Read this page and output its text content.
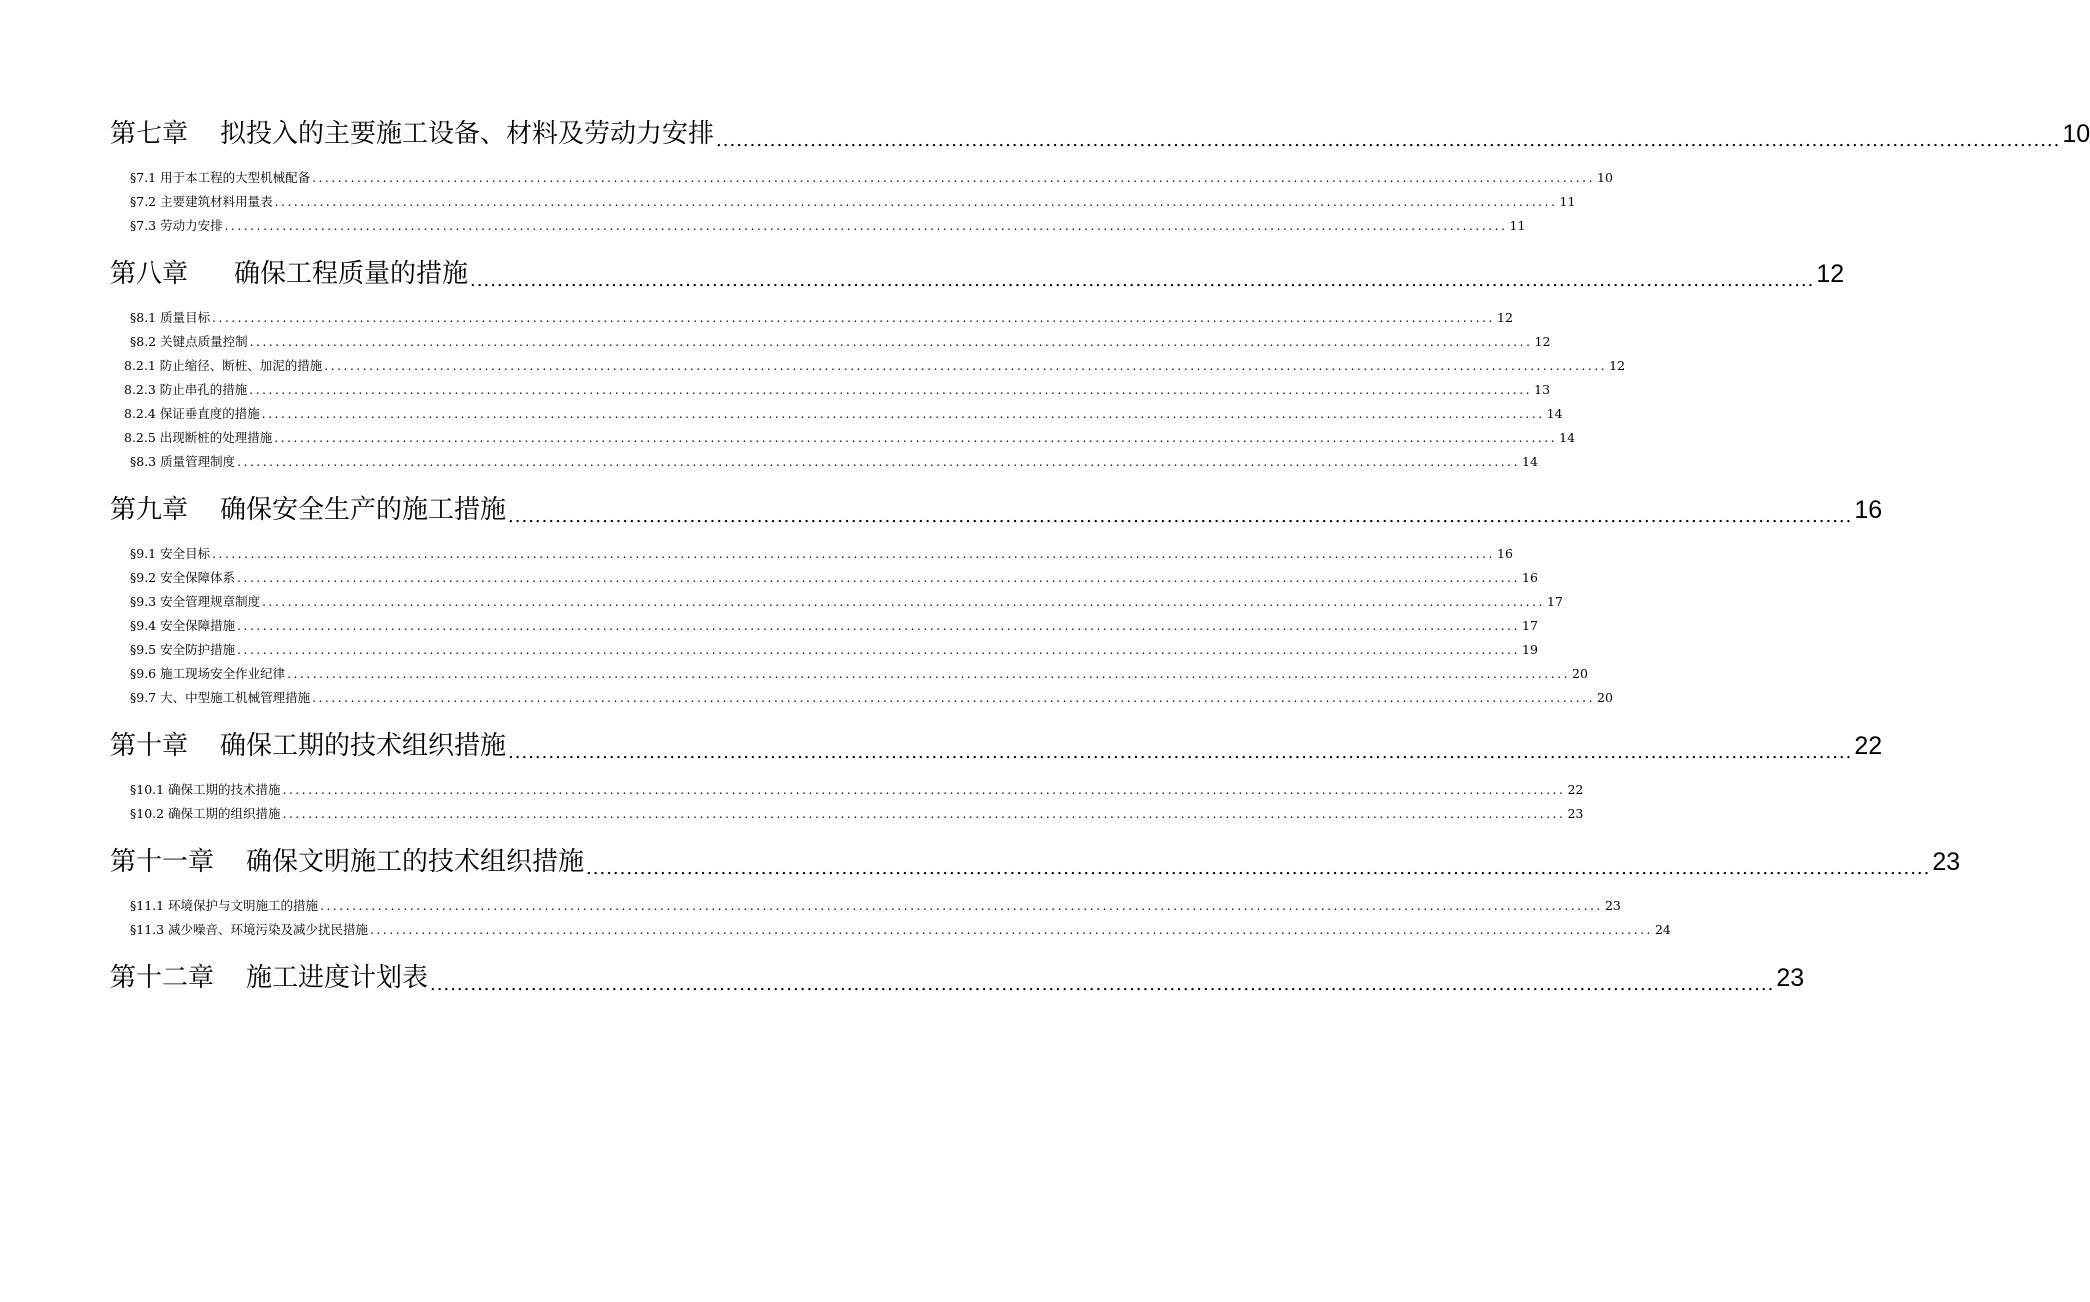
第七章 拟投入的主要施工设备、材料及劳动力安排 ........................................................................................................................................................................................................ 10
§7.1 用于本工程的大型机械配备 ........................................................................................................................................................................................................ 10
§7.2 主要建筑材料用量表 ........................................................................................................................................................................................................ 11
§7.3 劳动力安排 ........................................................................................................................................................................................................ 11
第八章 确保工程质量的措施 ........................................................................................................................................................................................................ 12
§8.1 质量目标 ........................................................................................................................................................................................................ 12
§8.2 关键点质量控制 ........................................................................................................................................................................................................ 12
8.2.1 防止缩径、断桩、加泥的措施 ........................................................................................................................................................................................................ 12
8.2.3 防止串孔的措施 ........................................................................................................................................................................................................ 13
8.2.4 保证垂直度的措施 ........................................................................................................................................................................................................ 14
8.2.5 出现断桩的处理措施 ........................................................................................................................................................................................................ 14
§8.3 质量管理制度 ........................................................................................................................................................................................................ 14
第九章 确保安全生产的施工措施 ........................................................................................................................................................................................................ 16
§9.1 安全目标 ........................................................................................................................................................................................................ 16
§9.2 安全保障体系 ........................................................................................................................................................................................................ 16
§9.3 安全管理规章制度 ........................................................................................................................................................................................................ 17
§9.4 安全保障措施 ........................................................................................................................................................................................................ 17
§9.5 安全防护措施 ........................................................................................................................................................................................................ 19
§9.6 施工现场安全作业纪律 ........................................................................................................................................................................................................ 20
§9.7 大、中型施工机械管理措施 ........................................................................................................................................................................................................ 20
第十章 确保工期的技术组织措施 ........................................................................................................................................................................................................ 22
§10.1 确保工期的技术措施 ........................................................................................................................................................................................................ 22
§10.2 确保工期的组织措施 ........................................................................................................................................................................................................ 23
第十一章 确保文明施工的技术组织措施 ........................................................................................................................................................................................................ 23
§11.1 环境保护与文明施工的措施 ........................................................................................................................................................................................................ 23
§11.3 减少噪音、环境污染及减少扰民措施 ........................................................................................................................................................................................................ 24
第十二章 施工进度计划表 ........................................................................................................................................................................................................ 23
